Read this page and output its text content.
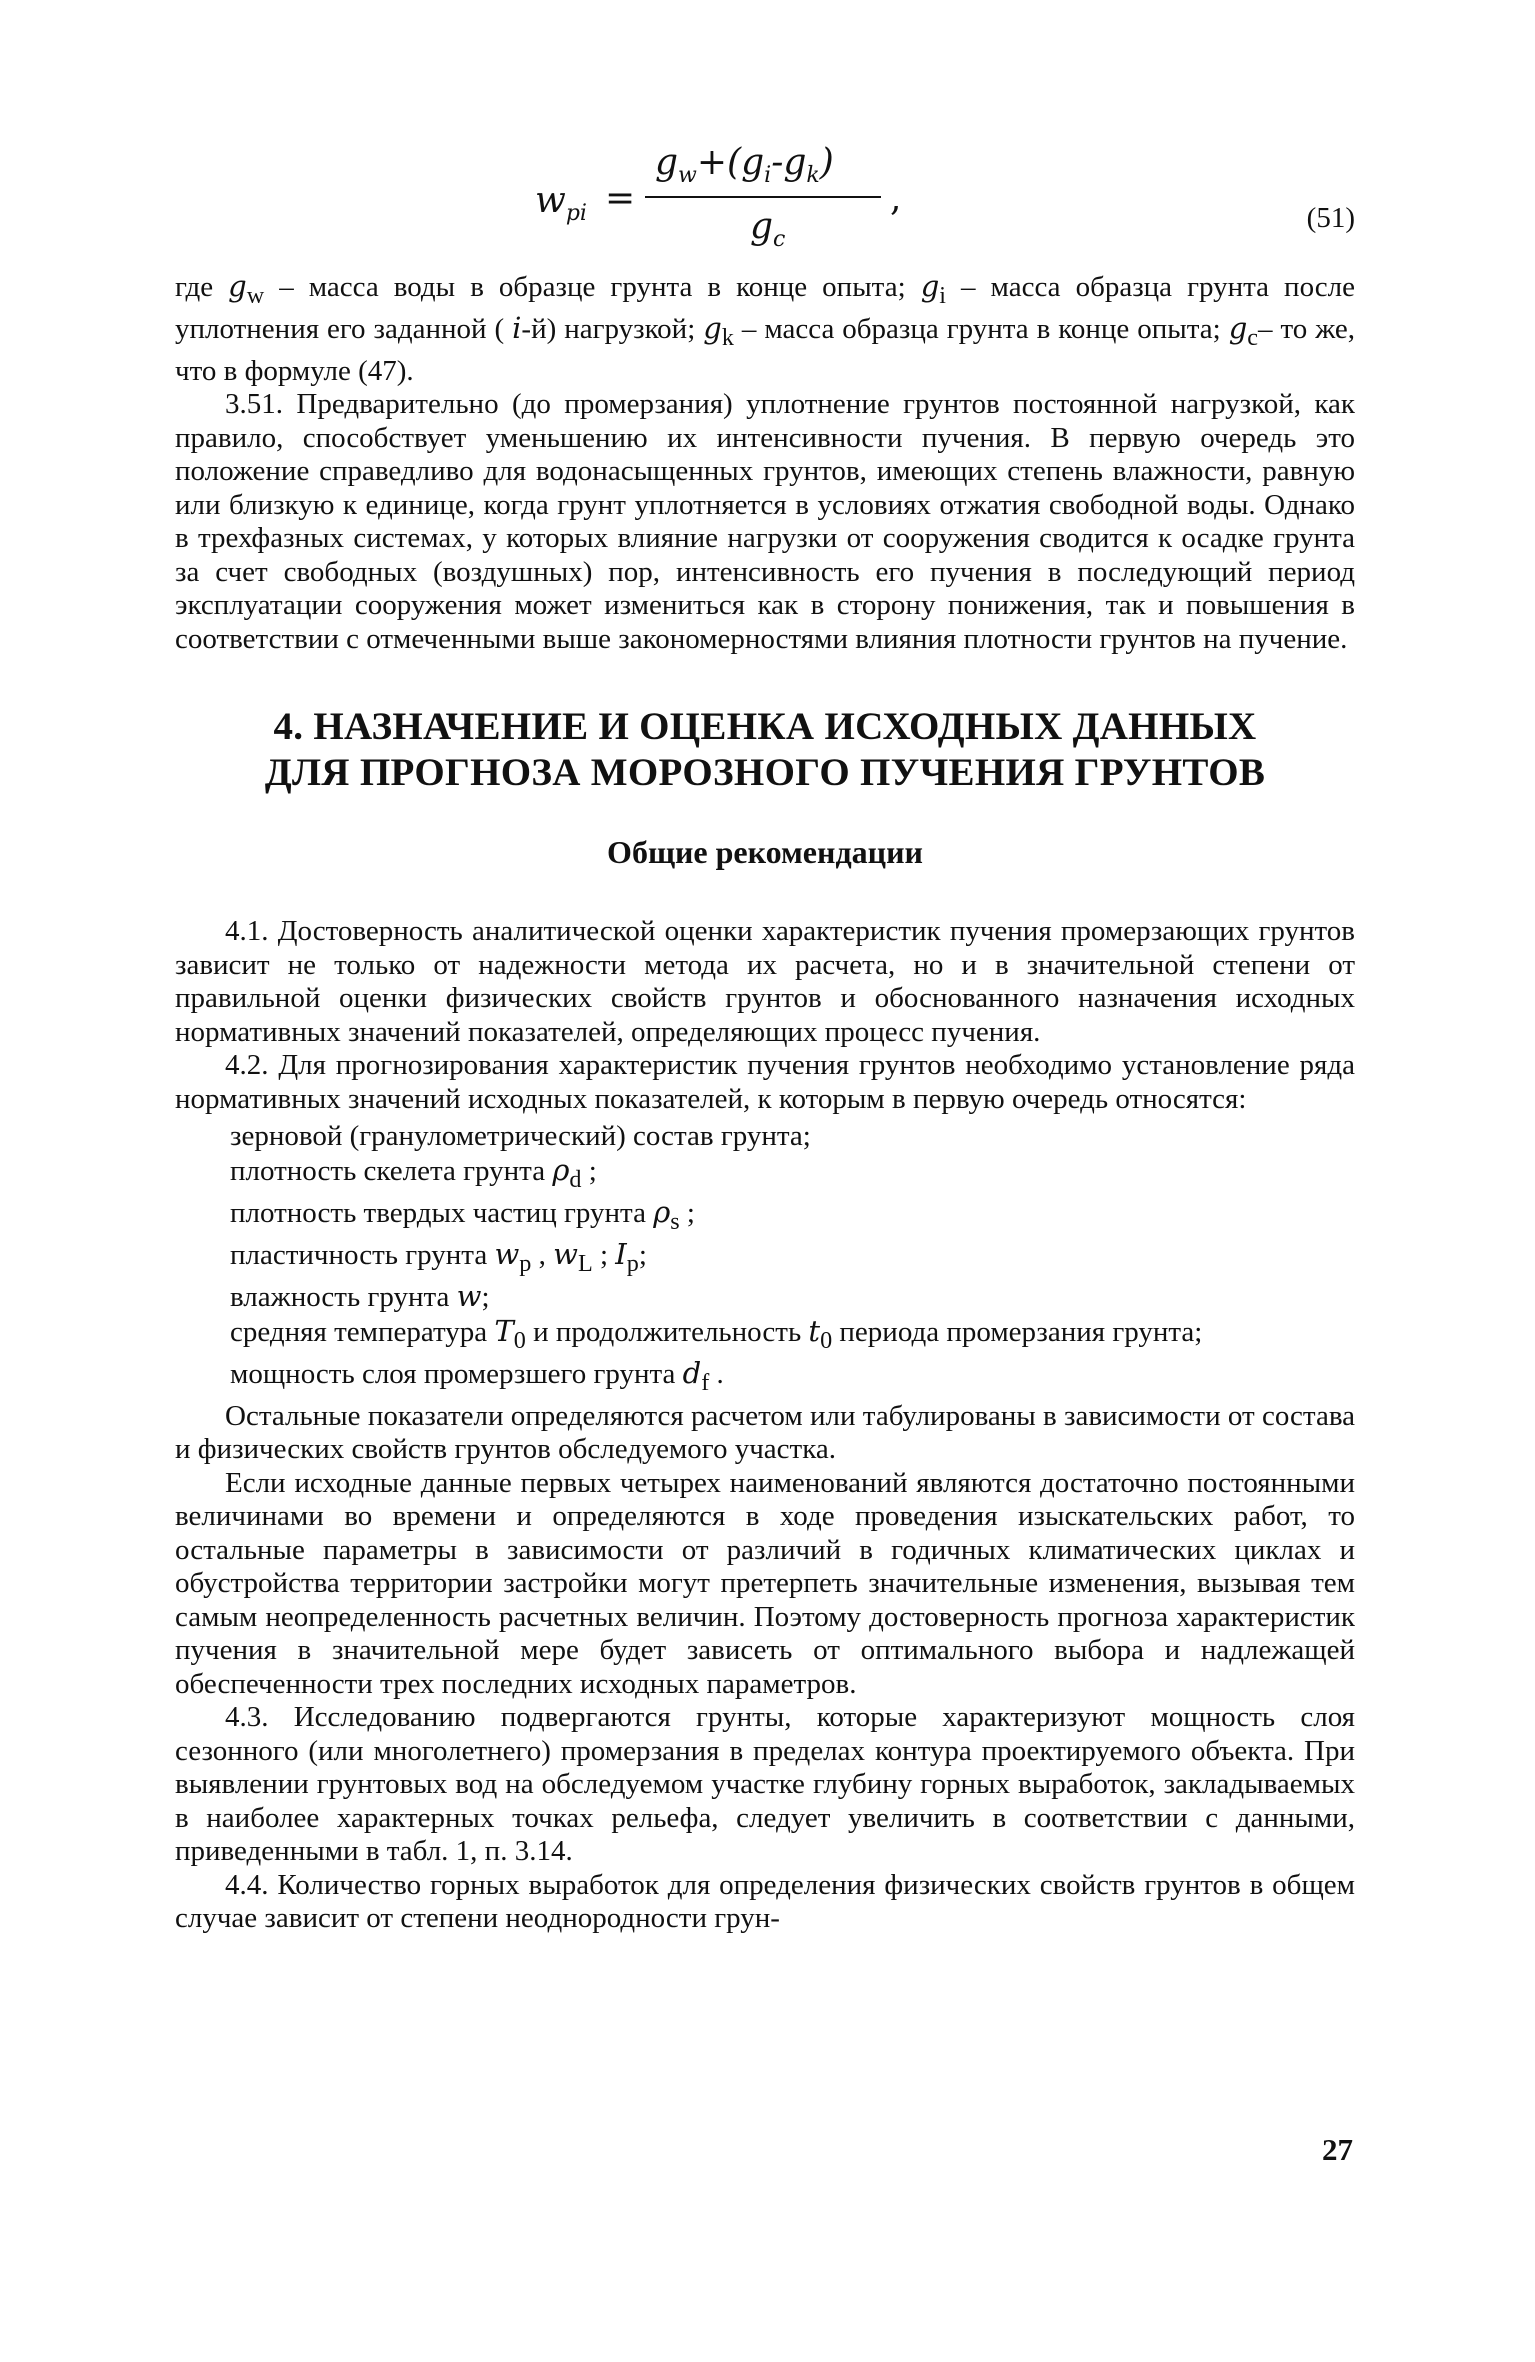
$w_{pi}$ =
$g_w+(g_i-g_k)$
$g_c$
,	(51)

где $g_w$ – масса воды в образце грунта в конце опыта; $g_i$ – масса образца грунта после уплотнения его заданной ( i-й) нагрузкой; $g_k$ – масса образца грунта в конце опыта; $g_c-$ то же, что в формуле (47).

3.51. Предварительно (до промерзания) уплотнение грунтов постоянной нагрузкой, как правило, способствует уменьшению их интенсивности пучения. В первую очередь это положение справедливо для водонасыщенных грунтов, имеющих степень влажности, равную или близкую к единице, когда грунт уплотняется в условиях отжатия свободной воды. Однако в трехфазных системах, у которых влияние нагрузки от сооружения сводится к осадке грунта за счет свободных (воздушных) пор, интенсивность его пучения в последующий период эксплуатации сооружения может измениться как в сторону понижения, так и повышения в соответствии с отмеченными выше закономерностями влияния плотности грунтов на пучение.

4. НАЗНАЧЕНИЕ И ОЦЕНКА ИСХОДНЫХ ДАННЫХ
ДЛЯ ПРОГНОЗА МОРОЗНОГО ПУЧЕНИЯ ГРУНТОВ
Общие рекомендации

4.1. Достоверность аналитической оценки характеристик пучения промерзающих грунтов зависит не только от надежности метода их расчета, но и в значительной степени от правильной оценки физических свойств грунтов и обоснованного назначения исходных нормативных значений показателей, определяющих процесс пучения.

4.2. Для прогнозирования характеристик пучения грунтов необходимо установление ряда нормативных значений исходных показателей, к которым в первую очередь относятся:

зерновой (гранулометрический) состав грунта;
плотность скелета грунта $\rho_d$ ;
плотность твердых частиц грунта $\rho_s$ ;
пластичность грунта $w_p$ , $w_L$ ; $I_p$;
влажность грунта w;
средняя температура $T_0$ и продолжительность $t_0$ периода промерзания грунта;
мощность слоя промерзшего грунта $d_f$ .

Остальные показатели определяются расчетом или табулированы в зависимости от состава и физических свойств грунтов обследуемого участка.

Если исходные данные первых четырех наименований являются достаточно постоянными величинами во времени и определяются в ходе проведения изыскательских работ, то остальные параметры в зависимости от различий в годичных климатических циклах и обустройства территории застройки могут претерпеть значительные изменения, вызывая тем самым неопределенность расчетных величин. Поэтому достоверность прогноза характеристик пучения в значительной мере будет зависеть от оптимального выбора и надлежащей обеспеченности трех последних исходных параметров.

4.3. Исследованию подвергаются грунты, которые характеризуют мощность слоя сезонного (или многолетнего) промерзания в пределах контура проектируемого объекта. При выявлении грунтовых вод на обследуемом участке глубину горных выработок, закладываемых в наиболее характерных точках рельефа, следует увеличить в соответствии с данными, приведенными в табл. 1, п. 3.14.

4.4. Количество горных выработок для определения физических свойств грунтов в общем случае зависит от степени неоднородности грун-

27
